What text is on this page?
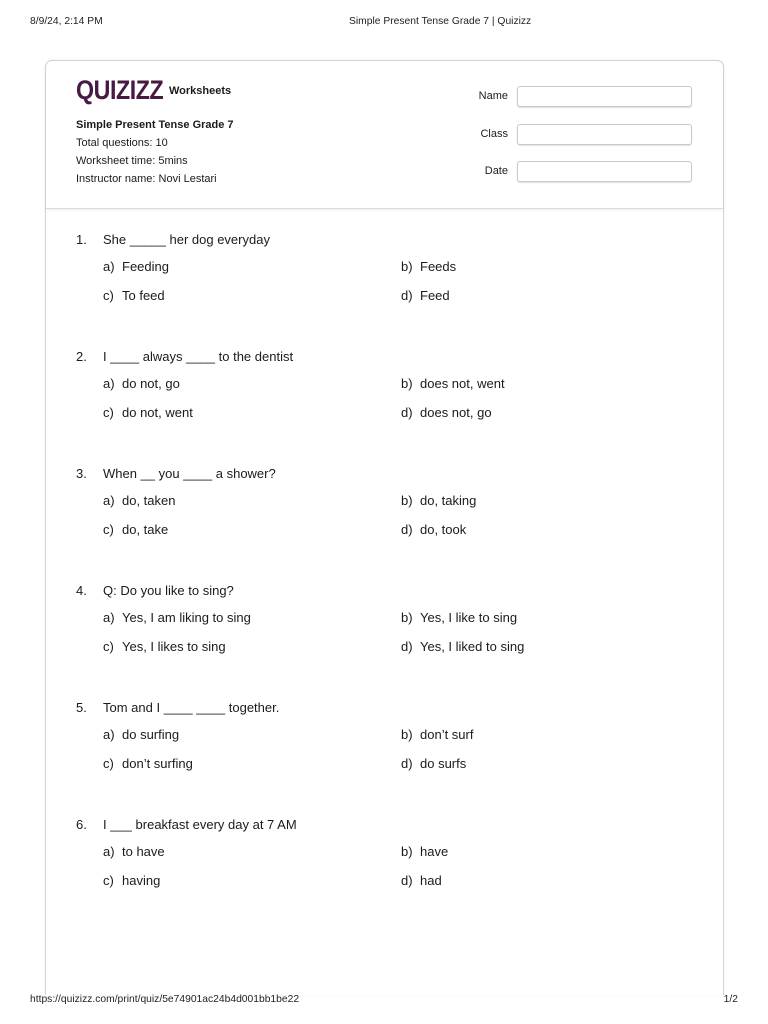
8/9/24, 2:14 PM	Simple Present Tense Grade 7 | Quizizz
QUIZIZZ Worksheets
Simple Present Tense Grade 7
Total questions: 10
Worksheet time: 5mins
Instructor name: Novi Lestari
Name
Class
Date
1.	She _____ her dog everyday
a) Feeding	b) Feeds
c) To feed	d) Feed
2.	I ____ always ____ to the dentist
a) do not, go	b) does not, went
c) do not, went	d) does not, go
3.	When __ you ____ a shower?
a) do, taken	b) do, taking
c) do, take	d) do, took
4.	Q: Do you like to sing?
a) Yes, I am liking to sing	b) Yes, I like to sing
c) Yes, I likes to sing	d) Yes, I liked to sing
5.	Tom and I ____ ____ together.
a) do surfing	b) don’t surf
c) don’t surfing	d) do surfs
6.	I ___ breakfast every day at 7 AM
a) to have	b) have
c) having	d) had
https://quizizz.com/print/quiz/5e74901ac24b4d001bb1be22	1/2
